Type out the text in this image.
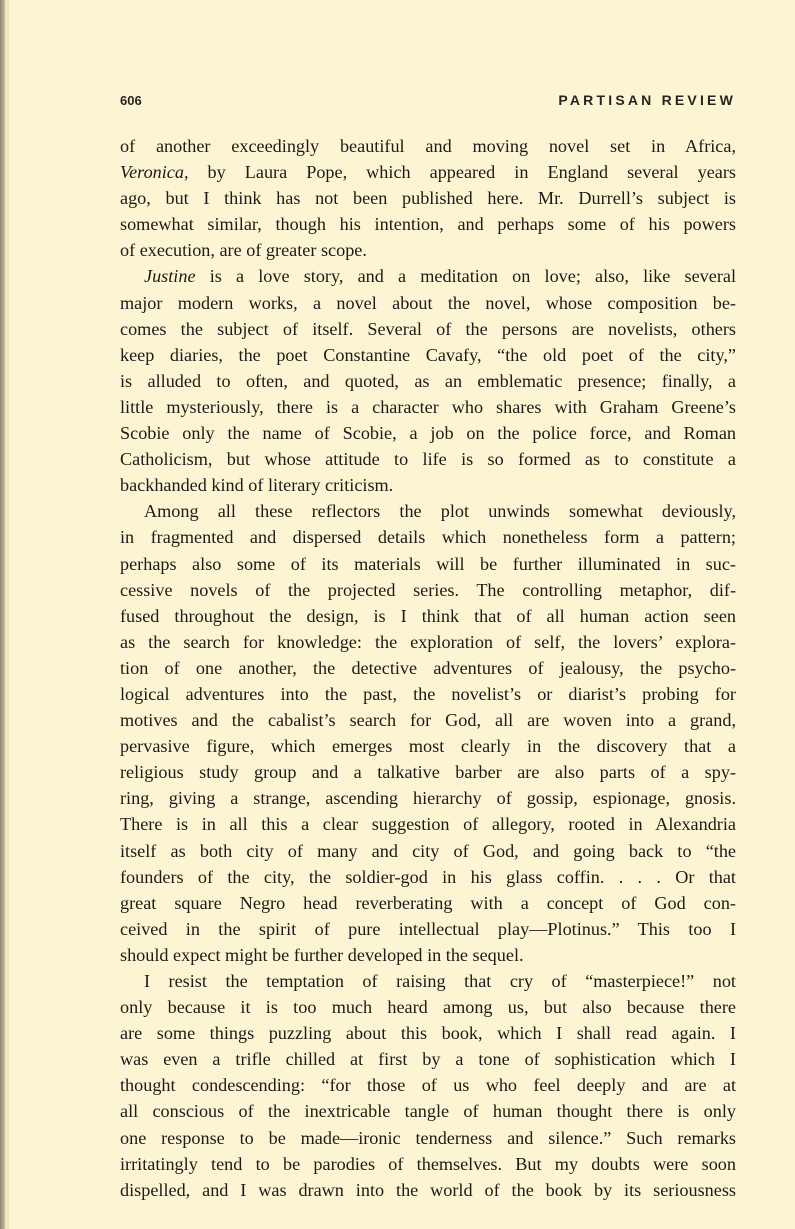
606	PARTISAN REVIEW
of another exceedingly beautiful and moving novel set in Africa,
Veronica, by Laura Pope, which appeared in England several years
ago, but I think has not been published here. Mr. Durrell’s subject is
somewhat similar, though his intention, and perhaps some of his powers
of execution, are of greater scope.
Justine is a love story, and a meditation on love; also, like several
major modern works, a novel about the novel, whose composition be-
comes the subject of itself. Several of the persons are novelists, others
keep diaries, the poet Constantine Cavafy, “the old poet of the city,”
is alluded to often, and quoted, as an emblematic presence; finally, a
little mysteriously, there is a character who shares with Graham Greene’s
Scobie only the name of Scobie, a job on the police force, and Roman
Catholicism, but whose attitude to life is so formed as to constitute a
backhanded kind of literary criticism.
Among all these reflectors the plot unwinds somewhat deviously,
in fragmented and dispersed details which nonetheless form a pattern;
perhaps also some of its materials will be further illuminated in suc-
cessive novels of the projected series. The controlling metaphor, dif-
fused throughout the design, is I think that of all human action seen
as the search for knowledge: the exploration of self, the lovers’ explora-
tion of one another, the detective adventures of jealousy, the psycho-
logical adventures into the past, the novelist’s or diarist’s probing for
motives and the cabalist’s search for God, all are woven into a grand,
pervasive figure, which emerges most clearly in the discovery that a
religious study group and a talkative barber are also parts of a spy-
ring, giving a strange, ascending hierarchy of gossip, espionage, gnosis.
There is in all this a clear suggestion of allegory, rooted in Alexandria
itself as both city of many and city of God, and going back to “the
founders of the city, the soldier-god in his glass coffin. . . . Or that
great square Negro head reverberating with a concept of God con-
ceived in the spirit of pure intellectual play—Plotinus.” This too I
should expect might be further developed in the sequel.
I resist the temptation of raising that cry of “masterpiece!” not
only because it is too much heard among us, but also because there
are some things puzzling about this book, which I shall read again. I
was even a trifle chilled at first by a tone of sophistication which I
thought condescending: “for those of us who feel deeply and are at
all conscious of the inextricable tangle of human thought there is only
one response to be made—ironic tenderness and silence.” Such remarks
irritatingly tend to be parodies of themselves. But my doubts were soon
dispelled, and I was drawn into the world of the book by its seriousness
